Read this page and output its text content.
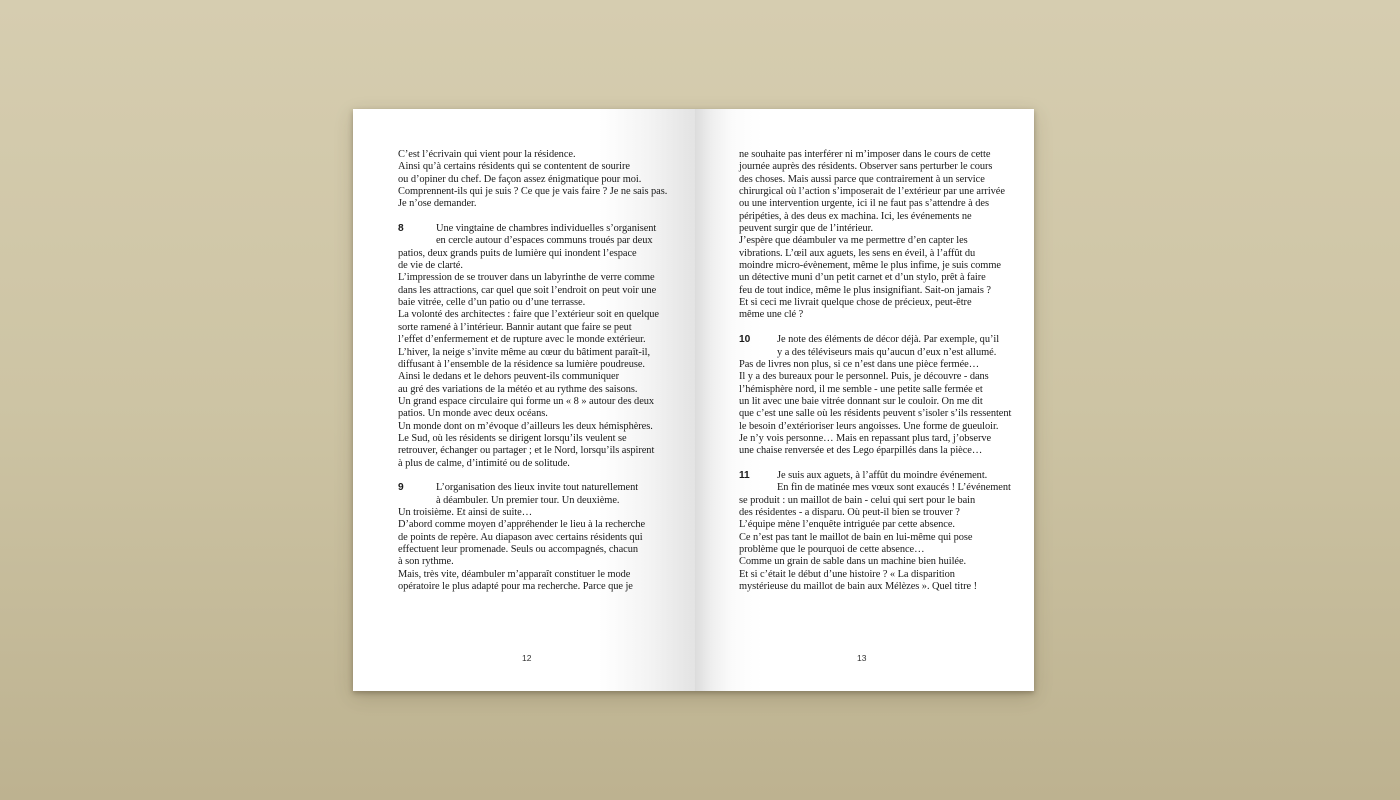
C’est l’écrivain qui vient pour la résidence.
Ainsi qu’à certains résidents qui se contentent de sourire
ou d’opiner du chef. De façon assez énigmatique pour moi.
Comprennent-ils qui je suis ? Ce que je vais faire ? Je ne sais pas.
Je n’ose demander.
8	Une vingtaine de chambres individuelles s’organisent
en cercle autour d’espaces communs troués par deux
patios, deux grands puits de lumière qui inondent l’espace
de vie de clarté.
L’impression de se trouver dans un labyrinthe de verre comme
dans les attractions, car quel que soit l’endroit on peut voir une
baie vitrée, celle d’un patio ou d’une terrasse.
La volonté des architectes : faire que l’extérieur soit en quelque
sorte ramené à l’intérieur. Bannir autant que faire se peut
l’effet d’enfermement et de rupture avec le monde extérieur.
L’hiver, la neige s’invite même au cœur du bâtiment paraît-il,
diffusant à l’ensemble de la résidence sa lumière poudreuse.
Ainsi le dedans et le dehors peuvent-ils communiquer
au gré des variations de la météo et au rythme des saisons.
Un grand espace circulaire qui forme un « 8 » autour des deux
patios. Un monde avec deux océans.
Un monde dont on m’évoque d’ailleurs les deux hémisphères.
Le Sud, où les résidents se dirigent lorsqu’ils veulent se
retrouver, échanger ou partager ; et le Nord, lorsqu’ils aspirent
à plus de calme, d’intimité ou de solitude.
9	L’organisation des lieux invite tout naturellement
à déambuler. Un premier tour. Un deuxième.
Un troisième. Et ainsi de suite…
D’abord comme moyen d’appréhender le lieu à la recherche
de points de repère. Au diapason avec certains résidents qui
effectuent leur promenade. Seuls ou accompagnés, chacun
à son rythme.
Mais, très vite, déambuler m’apparaît constituer le mode
opératoire le plus adapté pour ma recherche. Parce que je
12
ne souhaite pas interférer ni m’imposer dans le cours de cette
journée auprès des résidents. Observer sans perturber le cours
des choses. Mais aussi parce que contrairement à un service
chirurgical où l’action s’imposerait de l’extérieur par une arrivée
ou une intervention urgente, ici il ne faut pas s’attendre à des
péripéties, à des deus ex machina. Ici, les événements ne
peuvent surgir que de l’intérieur.
J’espère que déambuler va me permettre d’en capter les
vibrations. L’œil aux aguets, les sens en éveil, à l’affût du
moindre micro-évènement, même le plus infime, je suis comme
un détective muni d’un petit carnet et d’un stylo, prêt à faire
feu de tout indice, même le plus insignifiant. Sait-on jamais ?
Et si ceci me livrait quelque chose de précieux, peut-être
même une clé ?
10	Je note des éléments de décor déjà. Par exemple, qu’il
y a des téléviseurs mais qu’aucun d’eux n’est allumé.
Pas de livres non plus, si ce n’est dans une pièce fermée…
Il y a des bureaux pour le personnel. Puis, je découvre - dans
l’hémisphère nord, il me semble - une petite salle fermée et
un lit avec une baie vitrée donnant sur le couloir. On me dit
que c’est une salle où les résidents peuvent s’isoler s’ils ressentent
le besoin d’extérioriser leurs angoisses. Une forme de gueuloir.
Je n’y vois personne… Mais en repassant plus tard, j’observe
une chaise renversée et des Lego éparpillés dans la pièce…
11	Je suis aux aguets, à l’affût du moindre événement.
En fin de matinée mes vœux sont exaucés ! L’événement
se produit : un maillot de bain - celui qui sert pour le bain
des résidentes - a disparu. Où peut-il bien se trouver ?
L’équipe mène l’enquête intriguée par cette absence.
Ce n’est pas tant le maillot de bain en lui-même qui pose
problème que le pourquoi de cette absence…
Comme un grain de sable dans un machine bien huilée.
Et si c’était le début d’une histoire ? « La disparition
mystérieuse du maillot de bain aux Mélèzes ». Quel titre !
13
